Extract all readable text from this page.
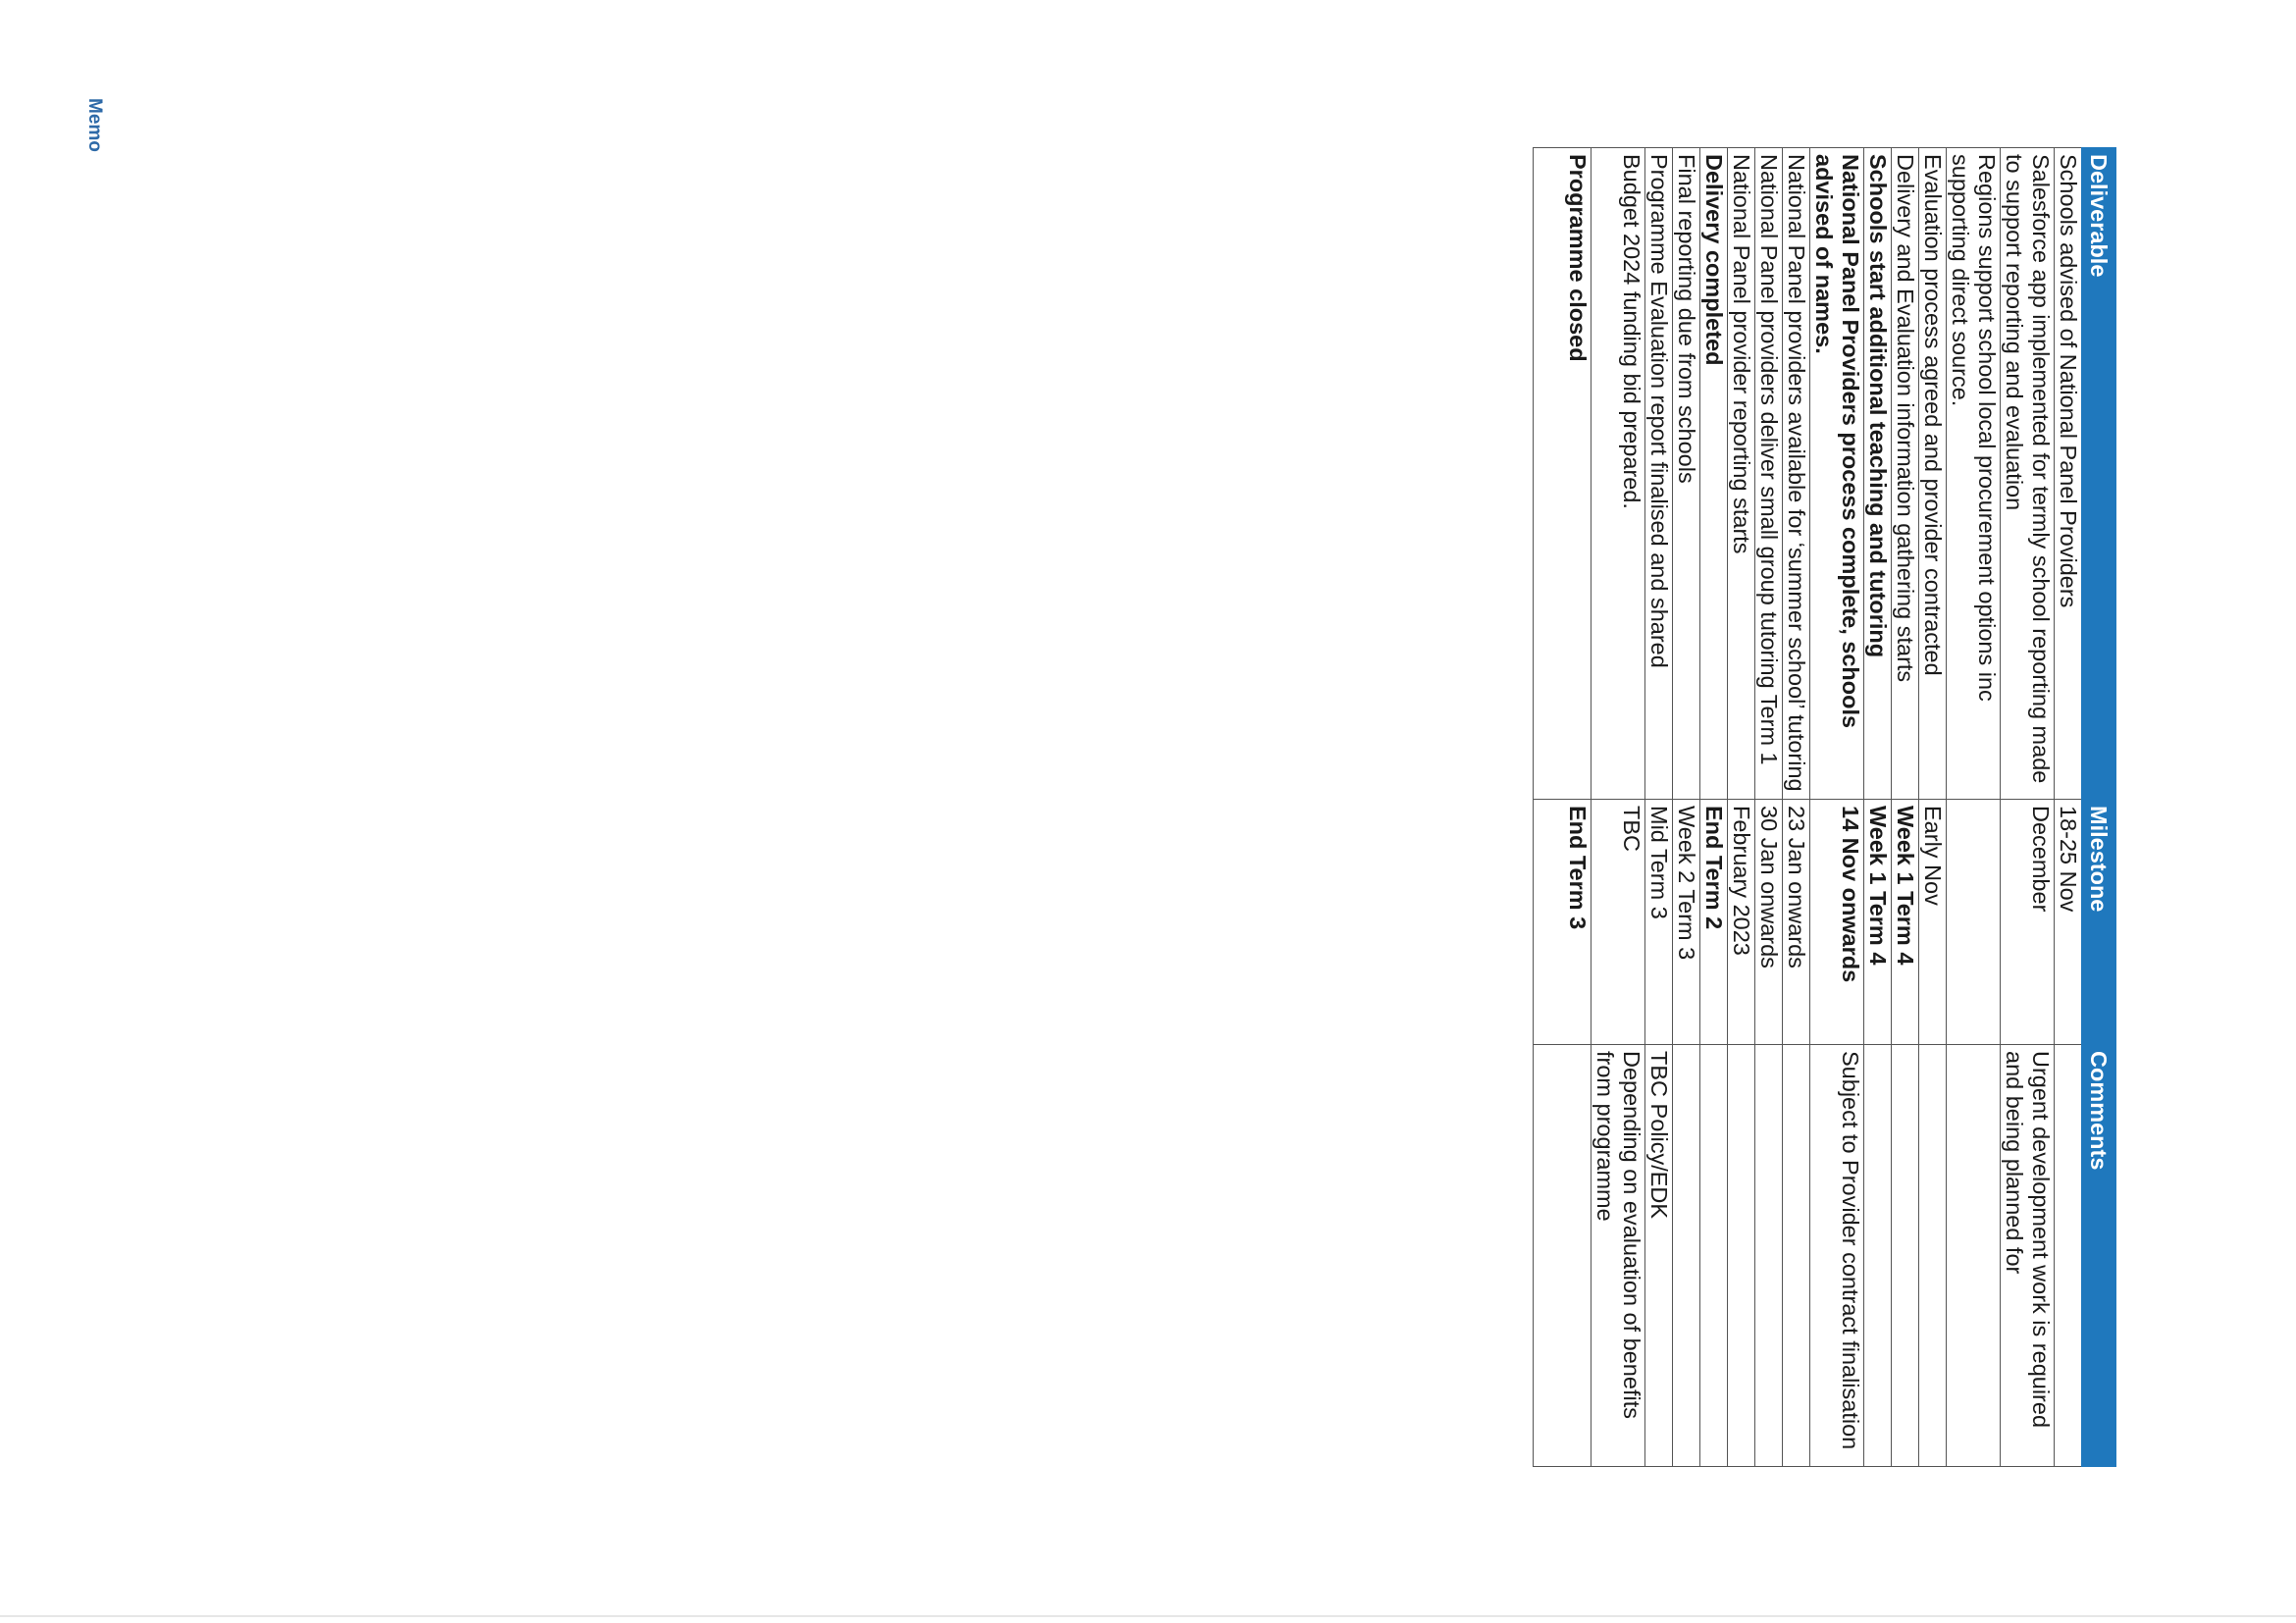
Memo
Deliverable	Milestone	Comments
Schools advised of National Panel Providers	18-25 Nov	
Salesforce app implemented for termly school reporting made to support reporting and evaluation	December	Urgent development work is required and being planned for
Regions support school local procurement options inc supporting direct source.		
Evaluation process agreed and provider contracted	Early Nov	
Delivery and Evaluation information gathering starts	Week 1 Term 4	
Schools start additional teaching and tutoring	Week 1 Term 4	
National Panel Providers process complete, schools advised of names.	14 Nov onwards	Subject to Provider contract finalisation
National Panel providers available for ‘summer school’ tutoring	23 Jan onwards	
National Panel providers deliver small group tutoring Term 1	30 Jan onwards	
National Panel provider reporting starts	February 2023	
Delivery completed	End Term 2	
Final reporting due from schools	Week 2 Term 3	
Programme Evaluation report finalised and shared	Mid Term 3	TBC Policy/EDK
Budget 2024 funding bid prepared.	TBC	Depending on evaluation of benefits from programme
Programme closed	End Term 3	
